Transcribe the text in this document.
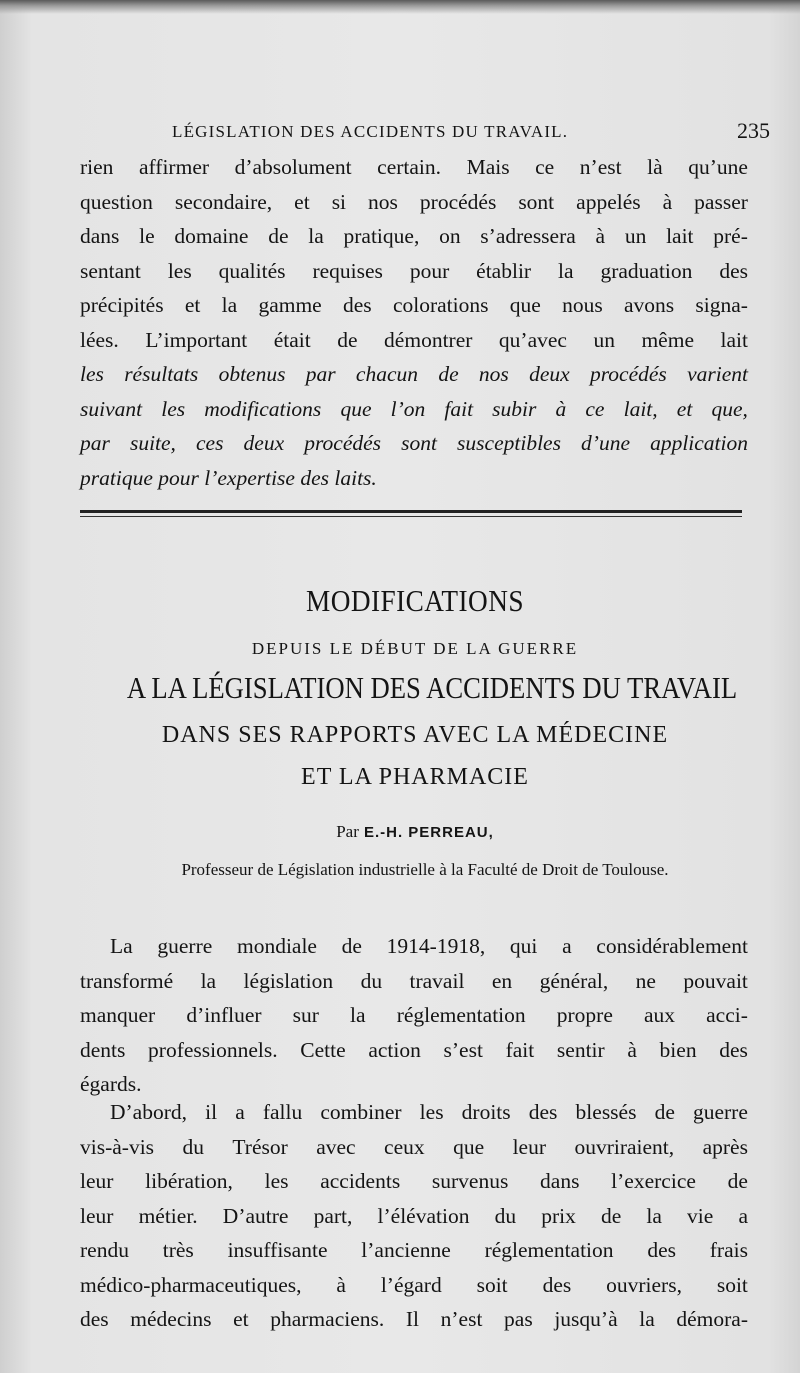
LÉGISLATION DES ACCIDENTS DU TRAVAIL.	235
rien affirmer d’absolument certain. Mais ce n’est là qu’une
question secondaire, et si nos procédés sont appelés à passer
dans le domaine de la pratique, on s’adressera à un lait pré-
sentant les qualités requises pour établir la graduation des
précipités et la gamme des colorations que nous avons signa-
lées. L’important était de démontrer qu’avec un même lait
les résultats obtenus par chacun de nos deux procédés varient
suivant les modifications que l’on fait subir à ce lait, et que,
par suite, ces deux procédés sont susceptibles d’une application
pratique pour l’expertise des laits.
MODIFICATIONS
DEPUIS LE DÉBUT DE LA GUERRE
A LA LÉGISLATION DES ACCIDENTS DU TRAVAIL
DANS SES RAPPORTS AVEC LA MÉDECINE
ET LA PHARMACIE
Par E.-H. PERREAU,
Professeur de Législation industrielle à la Faculté de Droit de Toulouse.
La guerre mondiale de 1914-1918, qui a considérablement
transformé la législation du travail en général, ne pouvait
manquer d’influer sur la réglementation propre aux acci-
dents professionnels. Cette action s’est fait sentir à bien des
égards.
D’abord, il a fallu combiner les droits des blessés de guerre
vis-à-vis du Trésor avec ceux que leur ouvriraient, après
leur libération, les accidents survenus dans l’exercice de
leur métier. D’autre part, l’élévation du prix de la vie a
rendu très insuffisante l’ancienne réglementation des frais
médico-pharmaceutiques, à l’égard soit des ouvriers, soit
des médecins et pharmaciens. Il n’est pas jusqu’à la démora-
